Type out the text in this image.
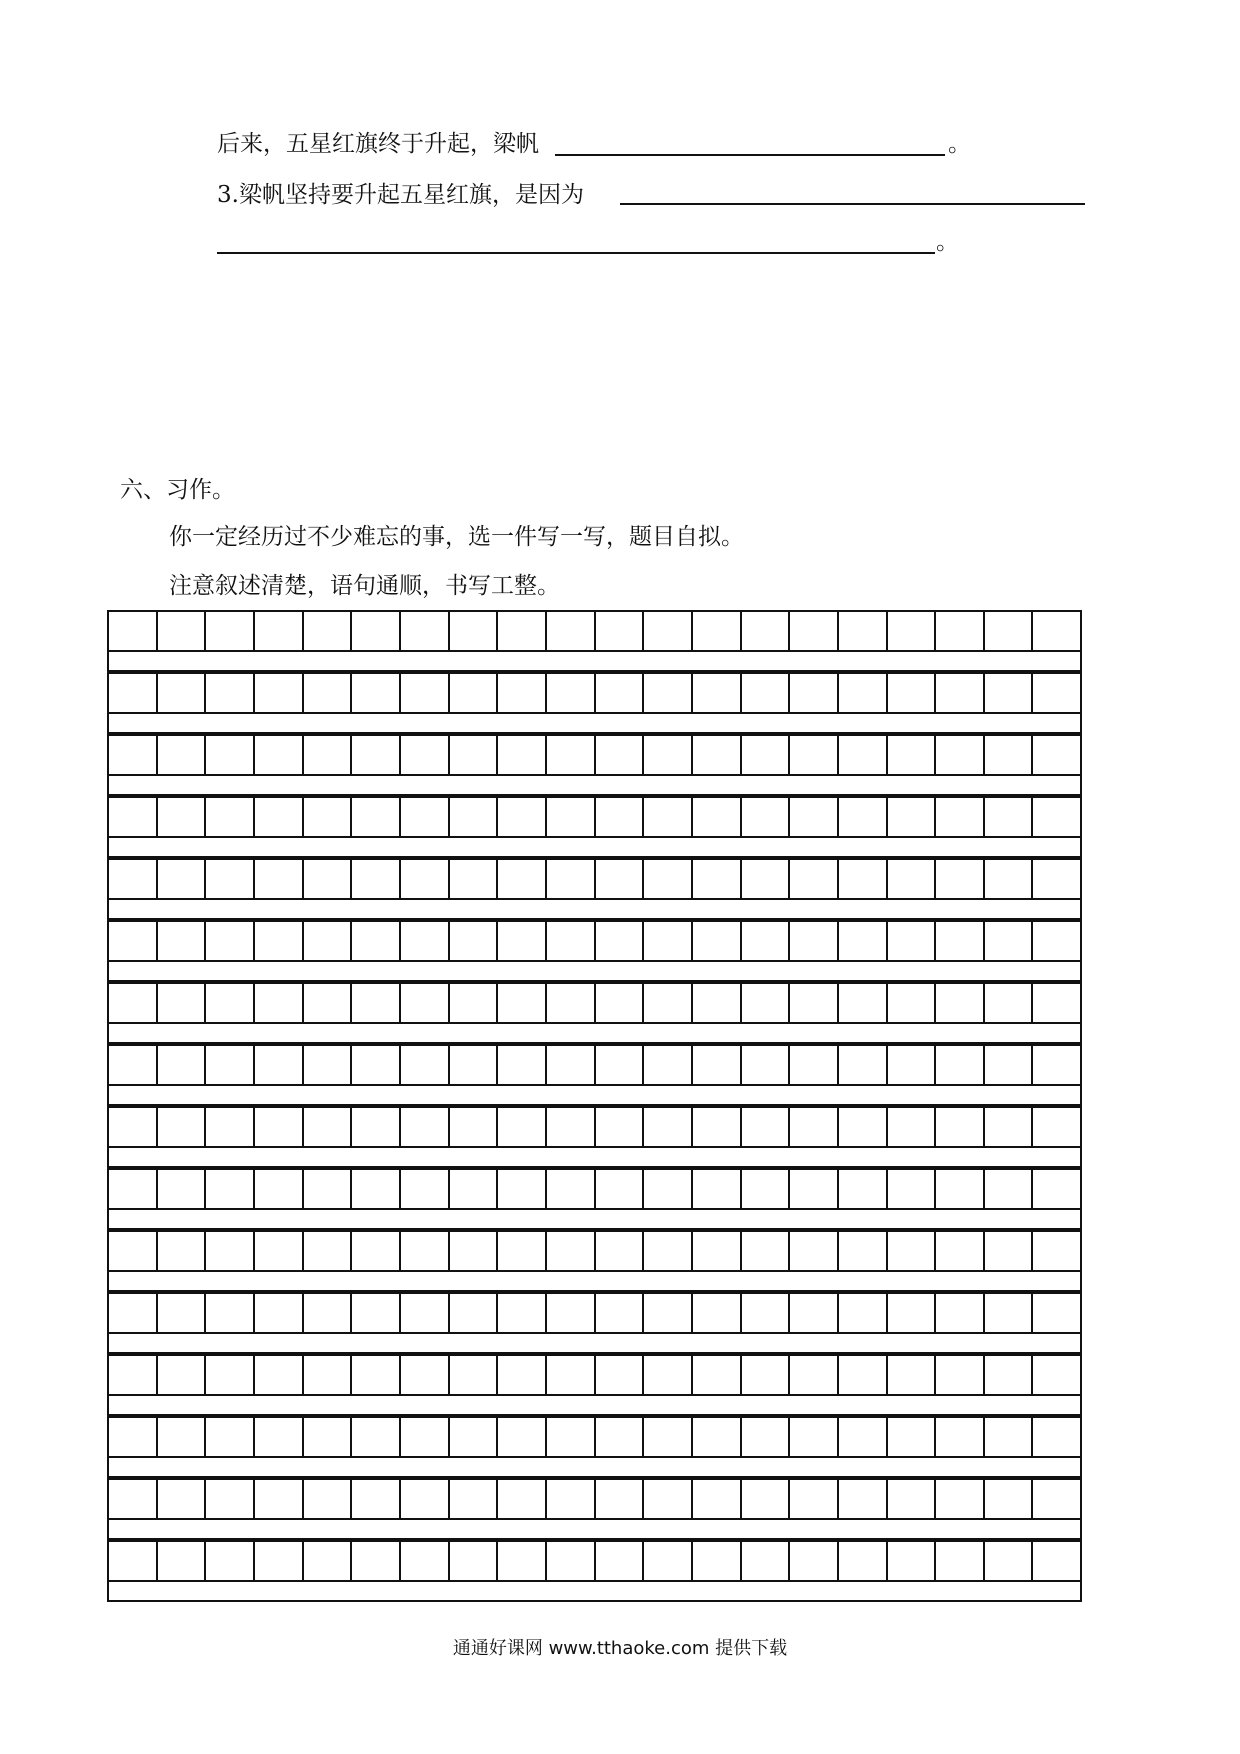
后来，五星红旗终于升起，梁帆	。
3.梁帆坚持要升起五星红旗，是因为
。
六、习作。
你一定经历过不少难忘的事，选一件写一写，题目自拟。
注意叙述清楚，语句通顺，书写工整。
通通好课网 www.tthaoke.com 提供下载
